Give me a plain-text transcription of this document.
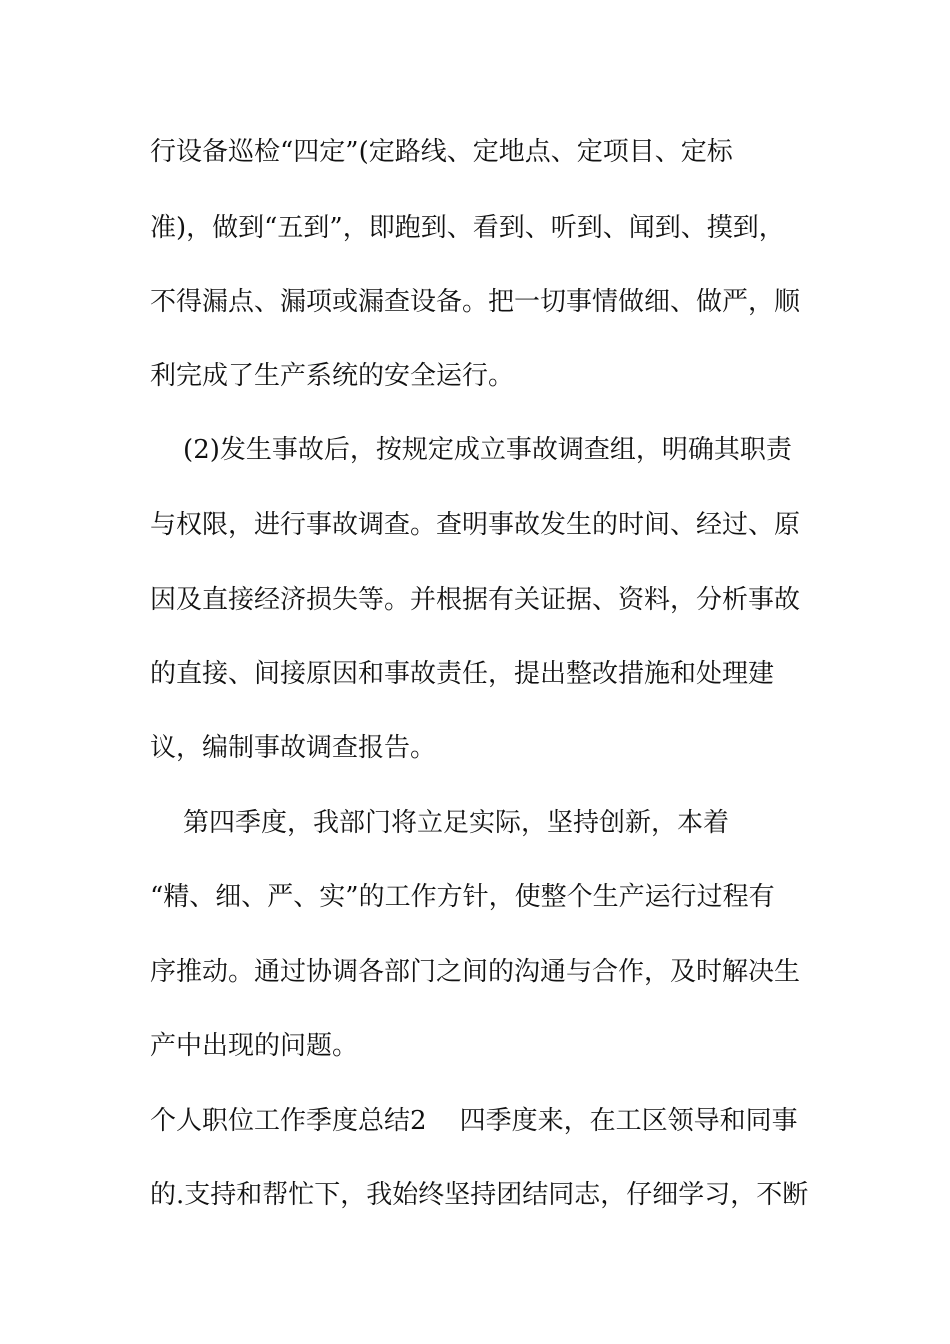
行设备巡检“四定”(定路线、定地点、定项目、定标

准)，做到“五到”，即跑到、看到、听到、闻到、摸到，

不得漏点、漏项或漏查设备。把一切事情做细、做严，顺

利完成了生产系统的安全运行。

(2)发生事故后，按规定成立事故调查组，明确其职责

与权限，进行事故调查。查明事故发生的时间、经过、原

因及直接经济损失等。并根据有关证据、资料，分析事故

的直接、间接原因和事故责任，提出整改措施和处理建

议，编制事故调查报告。

第四季度，我部门将立足实际，坚持创新，本着

“精、细、严、实”的工作方针，使整个生产运行过程有

序推动。通过协调各部门之间的沟通与合作，及时解决生

产中出现的问题。

个人职位工作季度总结2    四季度来，在工区领导和同事

的.支持和帮忙下，我始终坚持团结同志，仔细学习，不断
